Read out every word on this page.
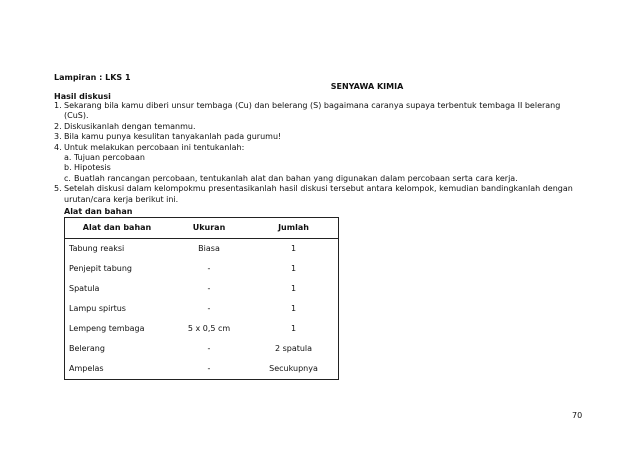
Lampiran : LKS 1
SENYAWA KIMIA
Hasil diskusi
1. Sekarang bila kamu diberi unsur tembaga (Cu) dan belerang (S) bagaimana caranya supaya terbentuk tembaga II belerang (CuS).
2. Diskusikanlah dengan temanmu.
3. Bila kamu punya kesulitan tanyakanlah pada gurumu!
4. Untuk melakukan percobaan ini tentukanlah:
a. Tujuan percobaan
b. Hipotesis
c. Buatlah rancangan percobaan, tentukanlah alat dan bahan yang digunakan dalam percobaan serta cara kerja.
5. Setelah diskusi dalam kelompokmu presentasikanlah hasil diskusi tersebut antara kelompok, kemudian bandingkanlah dengan urutan/cara kerja berikut ini.
Alat dan bahan
Alat dan bahan	Ukuran	Jumlah
Tabung reaksi	Biasa	1
Penjepit tabung	-	1
Spatula	-	1
Lampu spirtus	-	1
Lempeng tembaga	5 x 0,5 cm	1
Belerang	-	2 spatula
Ampelas	-	Secukupnya
70
